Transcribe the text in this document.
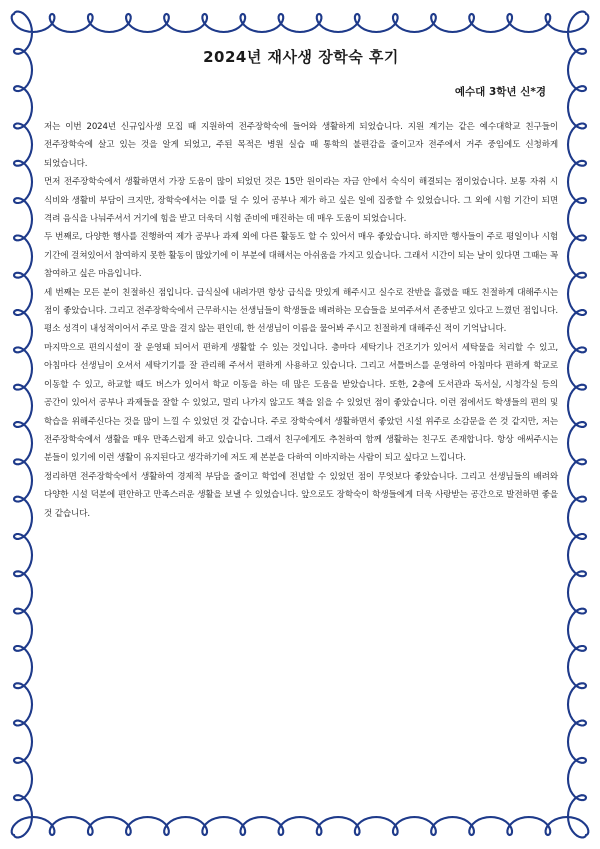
2024년 재사생 장학숙 후기
예수대 3학년 신*경

저는 이번 2024년 신규입사생 모집 때 지원하여 전주장학숙에 들어와 생활하게 되었습니다. 지원 계기는 같은 예수대학교 친구들이 전주장학숙에 살고 있는 것을 알게 되었고, 주된 목적은 병원 실습 때 통학의 불편감을 줄이고자 전주에서 거주 중임에도 신청하게 되었습니다.

먼저 전주장학숙에서 생활하면서 가장 도움이 많이 되었던 것은 15만 원이라는 자금 안에서 숙식이 해결되는 점이었습니다. 보통 자취 시 식비와 생활비 부담이 크지만, 장학숙에서는 이를 덜 수 있어 공부나 제가 하고 싶은 일에 집중할 수 있었습니다. 그 외에 시험 기간이 되면 격려 음식을 나눠주셔서 거기에 힘을 받고 더욱더 시험 준비에 매진하는 데 매우 도움이 되었습니다.

두 번째로, 다양한 행사를 진행하여 제가 공부나 과제 외에 다른 활동도 할 수 있어서 매우 좋았습니다. 하지만 행사들이 주로 평일이나 시험 기간에 걸쳐있어서 참여하지 못한 활동이 많았기에 이 부분에 대해서는 아쉬움을 가지고 있습니다. 그래서 시간이 되는 날이 있다면 그때는 꼭 참여하고 싶은 마음입니다.

세 번째는 모든 분이 친절하신 점입니다. 급식실에 내려가면 항상 급식을 맛있게 해주시고 실수로 잔반을 흘렸을 때도 친절하게 대해주시는 점이 좋았습니다. 그리고 전주장학숙에서 근무하시는 선생님들이 학생들을 배려하는 모습들을 보여주셔서 존중받고 있다고 느꼈던 점입니다. 평소 성격이 내성적이어서 주로 말을 걸지 않는 편인데, 한 선생님이 이름을 물어봐 주시고 친절하게 대해주신 적이 기억납니다.

마지막으로 편의시설이 잘 운영돼 되어서 편하게 생활할 수 있는 것입니다. 층마다 세탁기나 건조기가 있어서 세탁물을 처리할 수 있고, 아침마다 선생님이 오셔서 세탁기기를 잘 관리해 주셔서 편하게 사용하고 있습니다. 그리고 셔틀버스를 운영하여 아침마다 편하게 학교로 이동할 수 있고, 하교할 때도 버스가 있어서 학교 이동을 하는 데 많은 도움을 받았습니다. 또한, 2층에 도서관과 독서실, 시청각실 등의 공간이 있어서 공부나 과제들을 잘할 수 있었고, 멀리 나가지 않고도 책을 읽을 수 있었던 점이 좋았습니다. 이런 점에서도 학생들의 편의 및 학습을 위해주신다는 것을 많이 느낄 수 있었던 것 같습니다. 주로 장학숙에서 생활하면서 좋았던 시설 위주로 소감문을 쓴 것 같지만, 저는 전주장학숙에서 생활을 매우 만족스럽게 하고 있습니다. 그래서 친구에게도 추천하여 함께 생활하는 친구도 존재합니다. 항상 애써주시는 분들이 있기에 이런 생활이 유지된다고 생각하기에 저도 제 본분을 다하여 이바지하는 사람이 되고 싶다고 느낍니다.

정리하면 전주장학숙에서 생활하여 경제적 부담을 줄이고 학업에 전념할 수 있었던 점이 무엇보다 좋았습니다. 그리고 선생님들의 배려와 다양한 시설 덕분에 편안하고 만족스러운 생활을 보낼 수 있었습니다. 앞으로도 장학숙이 학생들에게 더욱 사랑받는 공간으로 발전하면 좋을 것 같습니다.
